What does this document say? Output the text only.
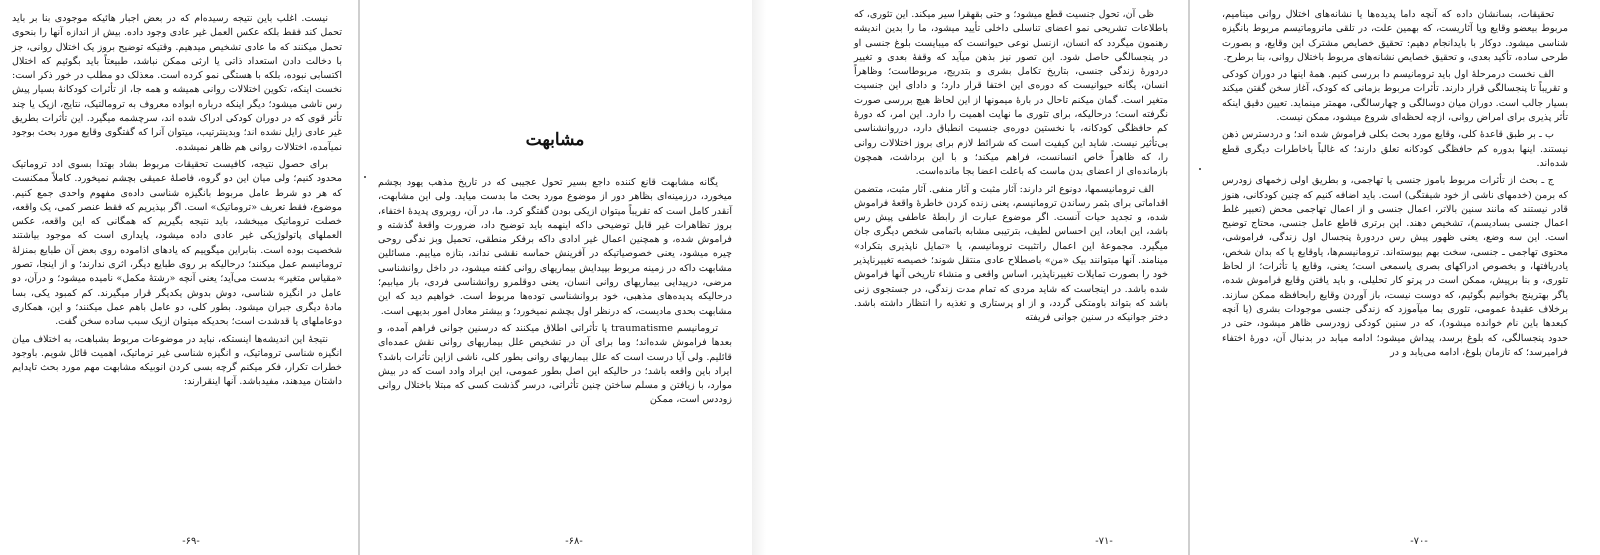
نیست. اغلب باین نتیجه رسیده‌ام که در بعض اجبار هائیکه موجودی بنا بر باید تحمل کند فقط بلکه عکس العمل غیر عادی وجود داده. بیش از اندازه آنها را بنحوی تحمل میکنند که ما عادی تشخیص میدهیم. وقتیکه توضیح بروز یک اختلال روانی، جز با دخالت دادن استعداد ذاتی یا ارثی ممکن نباشد، طبیعتاً باید بگوئیم که اختلال اکتسابی نبوده، بلکه با هستگی نمو کرده است. معذلک دو مطلب در خور ذکر است: نخست اینکه، تکوین اختلالات روانی همیشه و همه جا، از تأثرات کودکانهٔ بسیار پیش رس ناشی میشود؛ دیگر اینکه درباره ابواده معروف به ترومالتیک، نتایج، ازیک یا چند تأثر قوی که در دوران کودکی ادراک شده اند، سرچشمه میگیرد. این تأثرات بطریق غیر عادی زایل نشده اند؛ وبدینترتیب، میتوان آنرا که گفتگوی وقایع مورد بحث بوجود نمیآمده، اختلالات روانی هم ظاهر نمیشده.

برای حصول نتیجه، کافیست تحقیقات مربوط بشاد بهتدا بسوی ادد تروماتیک محدود کنیم؛ ولی میان این دو گروه، فاصلهٔ عمیقی بچشم نمیخورد. کاملاً ممکنست که هر دو شرط عامل مربوط بانگیزه شناسی داده‌ی مفهوم واحدی جمع کنیم. موضوع، فقط تعریف «تروماتیک» است. اگر بپذیریم که فقط عنصر کمی، یک واقعه، خصلت تروماتیک میبخشد، باید نتیجه بگیریم که همگانی که این واقعه، عکس العملهای پاتولوژیکی غیر عادی داده میشود، پایداری است که موجود بیاشتند شخصیت بوده است. بنابراین میگوییم که یادهای اذاموده روی بعض آن طبایع بمنزلهٔ تروماتیسم عمل میکنند؛ درحالیکه بر روی طبایع دیگر، اثری ندارند؛ و از اینجا، تصور «مقیاس متغیر» بدست می‌آید؛ یعنی آنچه «رشتهٔ مکمل» نامیده میشود؛ و درآن، دو عامل در انگیزه شناسی، دوش بدوش یکدیگر قرار میگیرند. کم کمبود یکی، بسا مادهٔ دیگری جبران میشود. بطور کلی، دو عامل باهم عمل میکنند؛ و این، همکاری دوعاملهای یا قدشدت است؛ بحدیکه میتوان ازیک سبب ساده سخن گفت.

نتیجهٔ این اندیشه‌ها اینستکه، نباید در موضوعات مربوط بشباهت، به اختلاف میان انگیزه شناسی تروماتیک، و انگیزه شناسی غیر ترماتیک، اهمیت قائل شویم. باوجود خطرات تکرار، فکر میکنم گرچه بسی کردن انوبیکه مشابهت مهم مورد بحث تاپدایم داشتان میدهند، مفیدباشد. آنها اینقرارند:

-۶۹-
مشابهت

یگانه مشابهت قانع کننده داجع بسیر تحول عجیبی که در تاریخ مذهب یهود بچشم میخورد، درزمینه‌ای بظاهر دور از موضوع مورد بحث ما بدست میاید. ولی این مشابهت، آنقدر کامل است که تقریباً میتوان ازیکی بودن گفتگو کرد. ما، در آن، روبروی پدیدهٔ اختفاء، بروز تظاهرات غیر قابل توضیحی داکه اینهمه باید توضیح داد، ضرورت واقعهٔ گذشته و فراموش شده، و همچنین اعمال غیر ادادی داکه برفکر منطقی، تحمیل وبز ندگی روحی چیره میشود، یعنی خصوصیاتیکه در آفرینش حماسه نقشی نداند، بتازه میاییم. مسائلین مشابهت داکه در زمینه مربوط بپیدایش بیماریهای روانی کفته میشود، در داخل روانشناسی مرضی، درپیدایی بیماریهای روانی انسان، یعنی دوقلمرو روانشناسی فردی، باز میابیم؛ درحالیکه پدیده‌های مذهبی، خود بروانشناسی توده‌ها مربوط است. خواهیم دید که این مشابهت بحدی مادیست، که درنظر اول بچشم نمیخورد؛ و بیشتر معادل امور بدیهی است.

ترومانیسم traumatisme یا تأثراتی اطلاق میکنند که درسنین جوانی فراهم آمده، و بعدها فراموش شده‌اند؛ وما برای آن در تشخیص علل بیماریهای روانی نقش عمده‌ای قائلیم. ولی آیا درست است که علل بیماریهای روانی بطور کلی، ناشی ازاین تأثرات باشد؟ ایراد باین واقعه باشد؛ در حالیکه این اصل بطور عمومی، این ایراد وادد است که در بیش موارد، با زیافتن و مسلم ساختن چنین تأثراتی، درسر گذشت کسی که مبتلا باختلال روانی زوددس است، ممکن

-۶۸-

ظی آن، تحول جنسیت قطع میشود؛ و حتی بقهقرا سیر میکند. این تئوری، که باطلاعات تشریحی نمو اعضای تناسلی داخلی تأیید میشود، ما را بدین اندیشه رهنمون میگردد که انسان، ازنسل نوعی حیوانست که میبایست بلوغ جنسی او در پنجسالگی حاصل شود. این تصور نیز بذهن میآید که وقفهٔ بعدی و تغییر دردورهٔ زندگی جنسی، بتاریخ تکامل بشری و بتدریج، مربوطاست؛ وظاهراً انسان، یگانه حیوانیست که دوره‌ی این اختفا قرار دارد؛ و دادای این جنسیت متغیر است. گمان میکنم تاحال در بارهٔ میمونها از این لحاظ هیچ بررسی صورت نگرفته است؛ درحالیکه، برای تئوری ما نهایت اهمیت را دارد. این امر، که دورهٔ کم حافظگی کودکانه، با نخستین دوره‌ی جنسیت انطباق دارد، درروانشناسی بی‌تأثیر نیست. شاید این کیفیت است که شرائط لازم برای بروز اختلالات روانی را، که ظاهراً خاص انسانست، فراهم میکند؛ و با این برداشت، همچون بازمانده‌ای از اعضای بدن ماست که باعلت اعضا بجا مانده‌است.

الف ترومانیسمها، دونوع اثر دارند: آثار مثبت و آثار منفی. آثار مثبت، متضمن اقداماتی برای بثمر رساندن ترومانیسم، یعنی زنده کردن خاطرهٔ واقعهٔ فراموش شده، و تجدید حیات آنست. اگر موضوع عبارت از رابطهٔ عاطفی پیش رس باشد، این ابعاد، این احساس لطیف، بترتیبی مشابه باتمامی شخص دیگری جان میگیرد. مجموعهٔ این اعمال راتثبیت ترومانیسم، یا «تمایل ناپذیری بتکراد» مینامند. آنها میتوانند بیک «من» باصطلاح عادی منتقل شوند؛ خصیصه تغییرناپذیر خود را بصورت تمایلات تغییرناپذیر، اساس واقعی و منشاء تاریخی آنها فراموش شده باشد. در اینجاست که شاید مردی که تمام مدت زندگی، در جستجوی زنی باشد که بتواند باومتکی گردد، و از او پرستاری و تغذیه را انتظار داشته باشد. دختر جوانیکه در سنین جوانی فریفته

-۷۱-

تحقیقات، بسانشان داده که آنچه داما پدیده‌ها یا نشانه‌های اختلال روانی مینامیم، مربوط بیعضو وقایع ویا آثاریست، که بهمین علت، در تلقی ماتروماتیسم مربوط بانگیزه شناسی میشود. دوکار با بایدانجام دهیم: تحقیق خصایص مشترک این وقایع، و بصورت طرحی ساده، تأکید بعدی، و تحقیق خصایص نشانه‌های مربوط باختلال روانی، بنا برطرح.

الف نخست درمرحلهٔ اول باید ترومانیسم دا بررسی کنیم. همهٔ اینها در دوران کودکی و تقریباً تا پنجسالگی قرار دارند. تأثرات مربوط بزمانی که کودک، آغاز سخن گفتن میکند بسیار جالب است. دوران میان دوسالگی و چهارسالگی، مهمتر مینماید. تعیین دقیق اینکه تأثر پذیری برای امراض روانی، ازچه لحظه‌ای شروع میشود، ممکن نیست.

ب ـ بر طبق قاعدهٔ کلی، وقایع مورد بحث بکلی فراموش شده اند؛ و دردسترس ذهن نیستند. اینها بدوره کم حافظگی کودکانه تعلق دارند؛ که غالباً باخاطرات دیگری قطع شده‌اند.

ج ـ بحث از تأثرات مربوط باموز جنسی یا تهاجمی، و بطریق اولی زخمهای زودرس که برمن (خدمهای ناشی از خود شیفتگی) است. باید اضافه کنیم که چنین کودکانی، هنوز قادر نیستند که مانند سنین بالاتر، اعمال جنسی و از اعمال تهاجمی محض (تعبیر غلط اعمال جنسی بسادیسم)، تشخیص دهند. این برتری قاطع عامل جنسی، محتاج توضیح است. این سه وضع، یعنی ظهور پیش رس دردورهٔ پنجسال اول زندگی، فراموشی، محتوی تهاجمی ـ جنسی، سخت بهم بیوسته‌اند. ترومانیسم‌ها، یاوقایع یا که بدان شخص، یادریافتها، و بخصوص ادراکهای بصری یاسمعی است؛ یعنی، وقایع یا تأثرات؛ از لحاظ تئوری، و بنا برپیش، ممکن است در پرتو کار تحلیلی، و باید یافتن وقایع فراموش شده، یاگر بهترینج بخوانیم بگوئیم، که دوست نیست، باز آوردن وقایع رابحافظه ممکن سازند. برخلاف عقیدهٔ عمومی، تئوری بما میآموزد که زندگی جنسی موجودات بشری (یا آنچه کبعدها باین نام خوانده میشود)، که در سنین کودکی زودرسی ظاهر میشود، حتی در حدود پنجسالگی، که بلوغ برسد، پیداش میشود؛ ادامه میابد در بدنبال آن، دورهٔ اختفاء فرامیرسد؛ که تازمان بلوغ، ادامه می‌یابد و در

-۷۰-
